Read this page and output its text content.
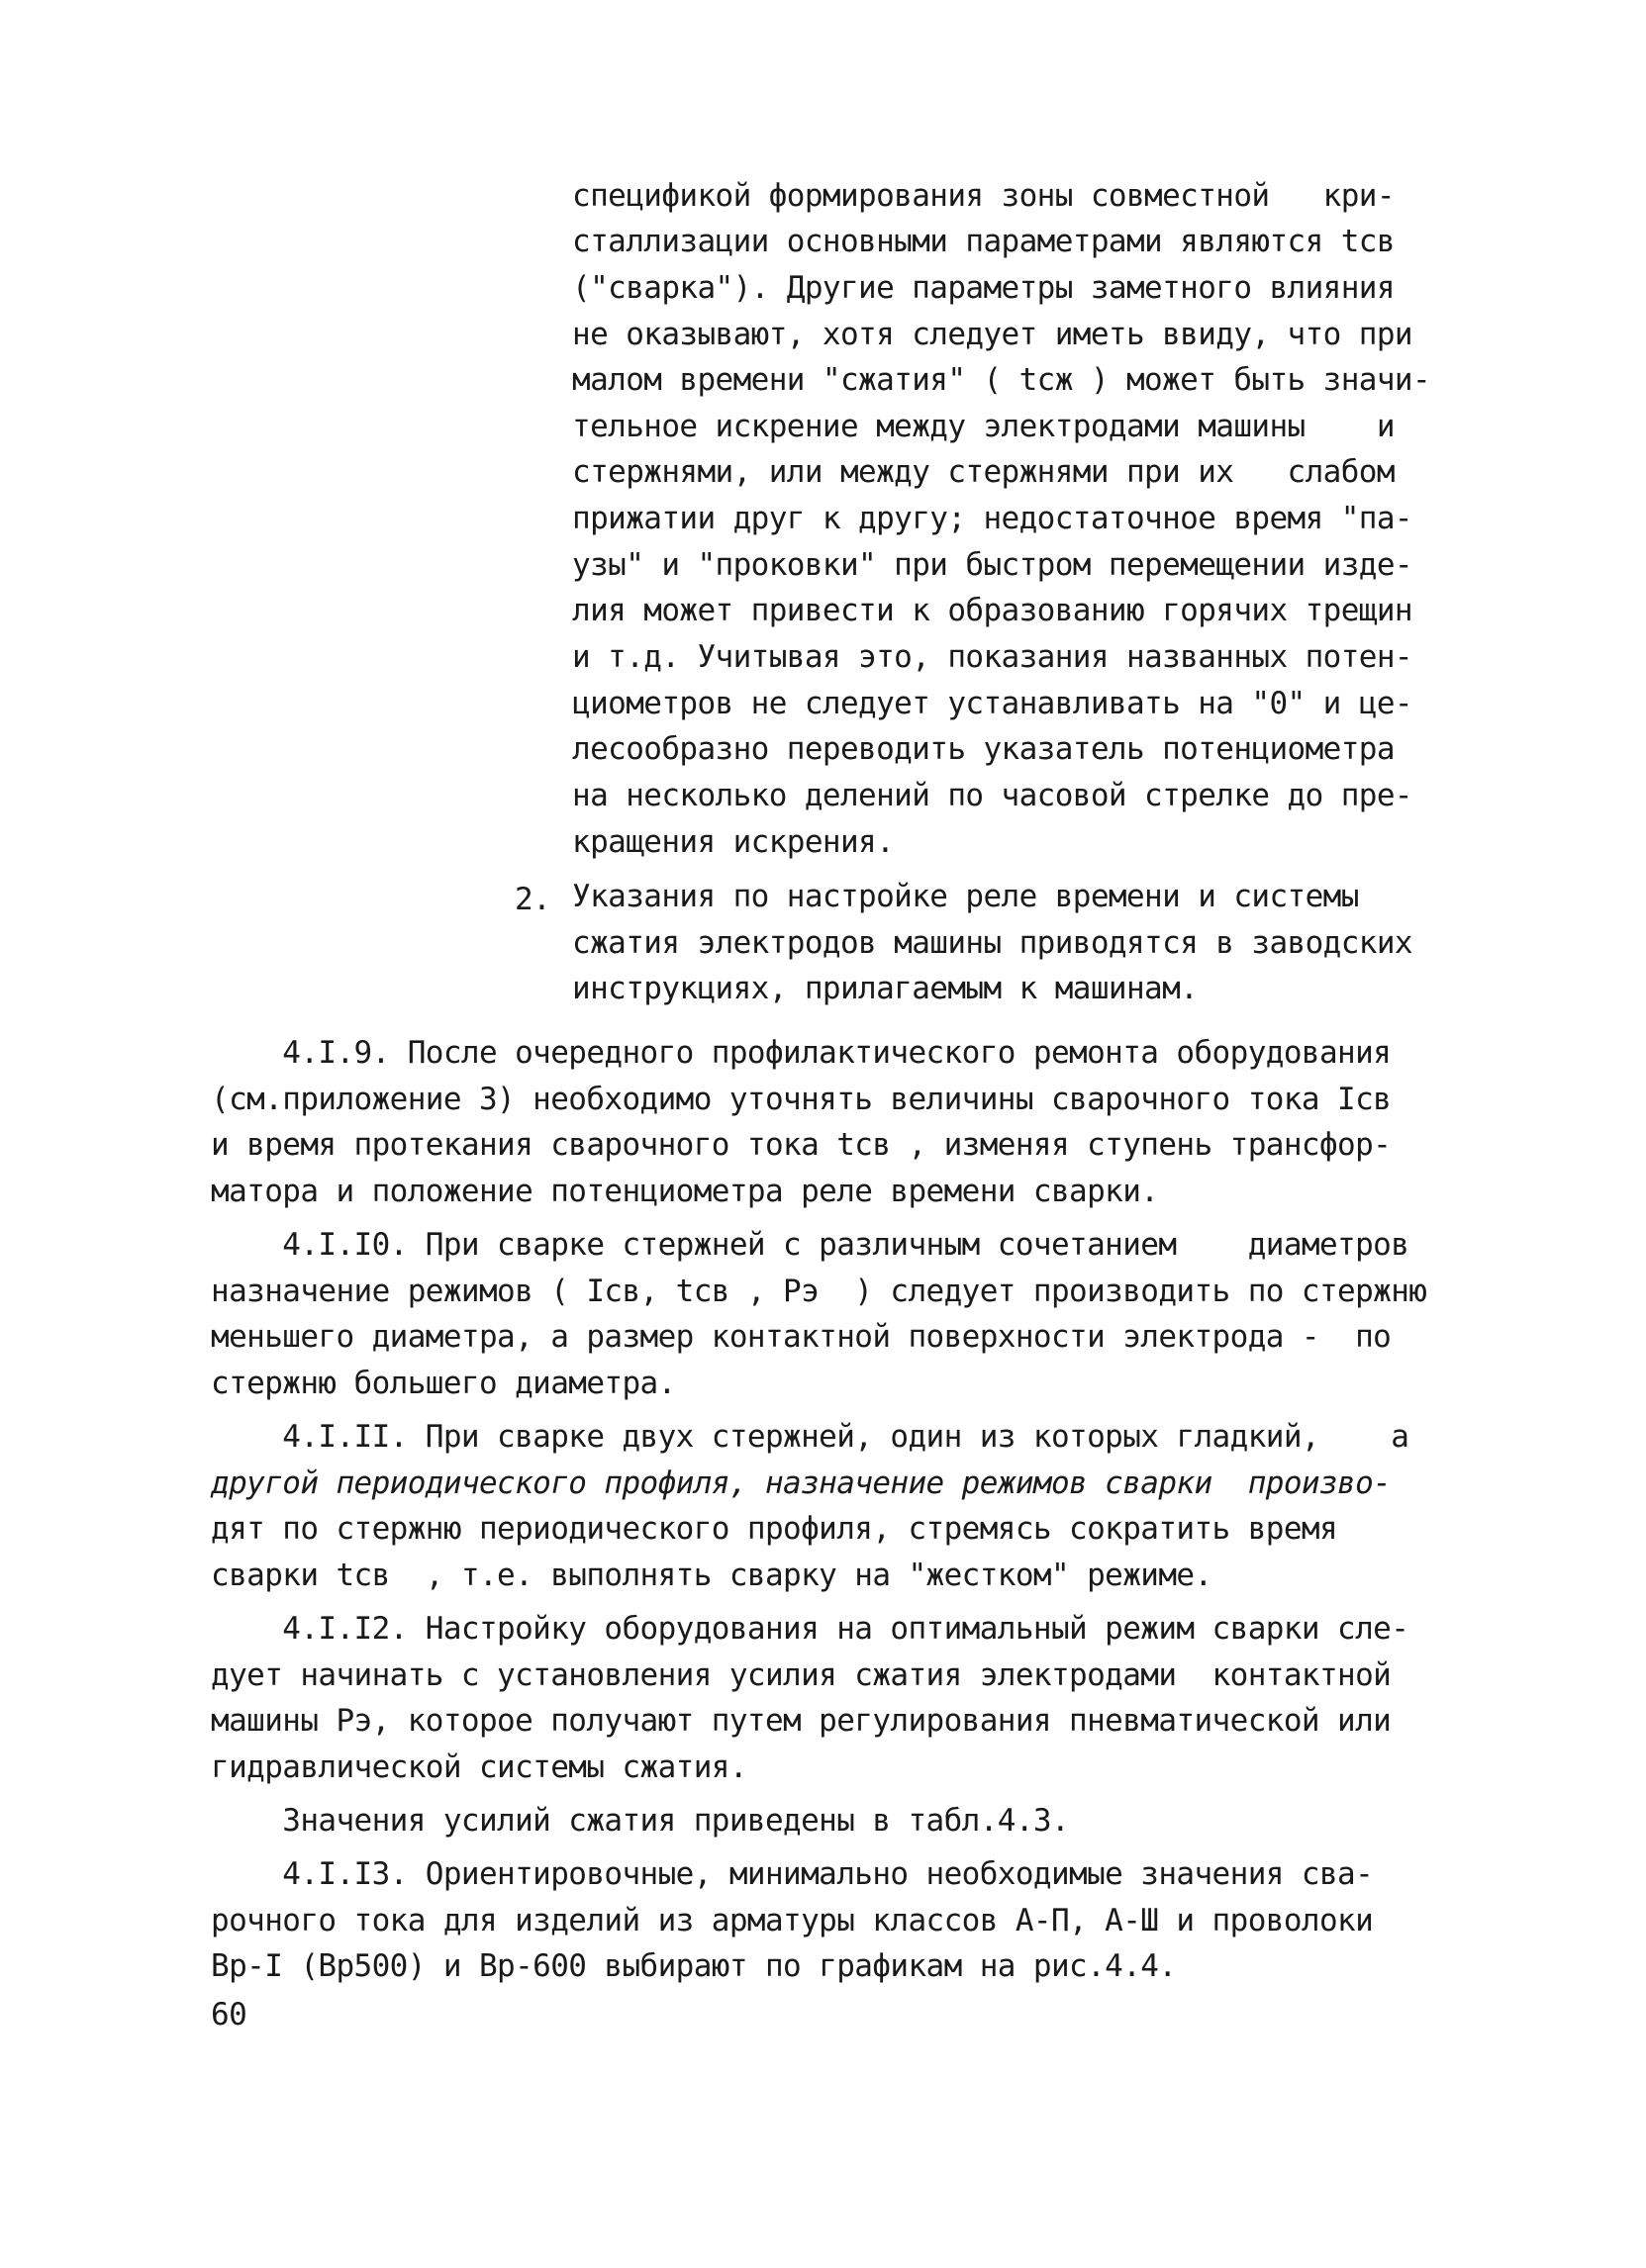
спецификой формирования зоны совместной   кри-
сталлизации основными параметрами являются tсв
("сварка"). Другие параметры заметного влияния
не оказывают, хотя следует иметь ввиду, что при
малом времени "сжатия" ( tсж ) может быть значи-
тельное искрение между электродами машины    и
стержнями, или между стержнями при их   слабом
прижатии друг к другу; недостаточное время "па-
узы" и "проковки" при быстром перемещении изде-
лия может привести к образованию горячих трещин
и т.д. Учитывая это, показания названных потен-
циометров не следует устанавливать на "0" и це-
лесообразно переводить указатель потенциометра
на несколько делений по часовой стрелке до пре-
кращения искрения.
2. Указания по настройке реле времени и системы
сжатия электродов машины приводятся в заводских
инструкциях, прилагаемым к машинам.
4.I.9. После очередного профилактического ремонта оборудования
(см.приложение 3) необходимо уточнять величины сварочного тока Iсв
и время протекания сварочного тока tсв , изменяя ступень трансфор-
матора и положение потенциометра реле времени сварки.
4.I.I0. При сварке стержней с различным сочетанием    диаметров
назначение режимов ( Iсв, tсв , Pэ  ) следует производить по стержню
меньшего диаметра, а размер контактной поверхности электрода -  по
стержню большего диаметра.
4.I.II. При сварке двух стержней, один из которых гладкий,    а
другой периодического профиля, назначение режимов сварки  произво-
дят по стержню периодического профиля, стремясь сократить время
сварки tсв  , т.е. выполнять сварку на "жестком" режиме.
4.I.I2. Настройку оборудования на оптимальный режим сварки сле-
дует начинать с установления усилия сжатия электродами  контактной
машины Рэ, которое получают путем регулирования пневматической или
гидравлической системы сжатия.
Значения усилий сжатия приведены в табл.4.3.
4.I.I3. Ориентировочные, минимально необходимые значения сва-
рочного тока для изделий из арматуры классов А-П, А-Ш и проволоки
Вр-I (Вр500) и Вр-600 выбирают по графикам на рис.4.4.
60
